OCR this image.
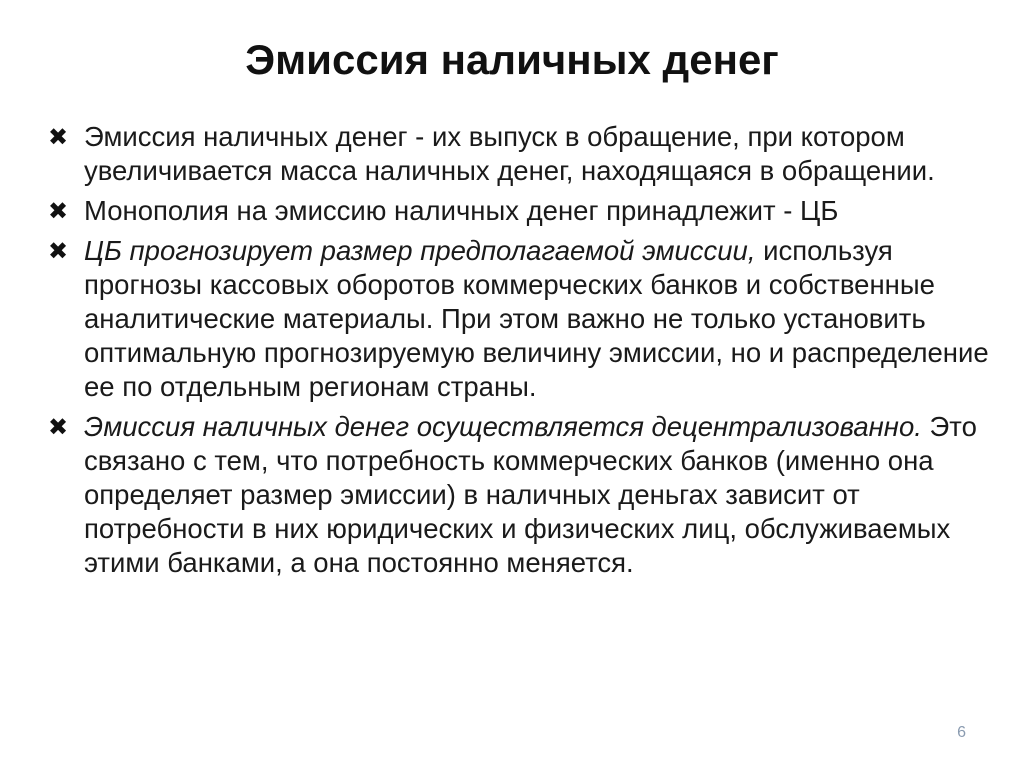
Эмиссия наличных денег
✖ Эмиссия наличных денег - их выпуск в обращение, при котором увеличивается масса наличных денег, находящаяся в обращении.
✖ Монополия на эмиссию наличных денег принадлежит - ЦБ
✖ ЦБ прогнозирует размер предполагаемой эмиссии, используя прогнозы кассовых оборотов коммерческих банков и собственные аналитические материалы. При этом важно не только установить оптимальную прогнозируемую величину эмиссии, но и распределение ее по отдельным регионам страны.
✖ Эмиссия наличных денег осуществляется децентрализованно. Это связано с тем, что потребность коммерческих банков (именно она определяет размер эмиссии) в наличных деньгах зависит от потребности в них юридических и физических лиц, обслуживаемых этими банками, а она постоянно меняется.
6
